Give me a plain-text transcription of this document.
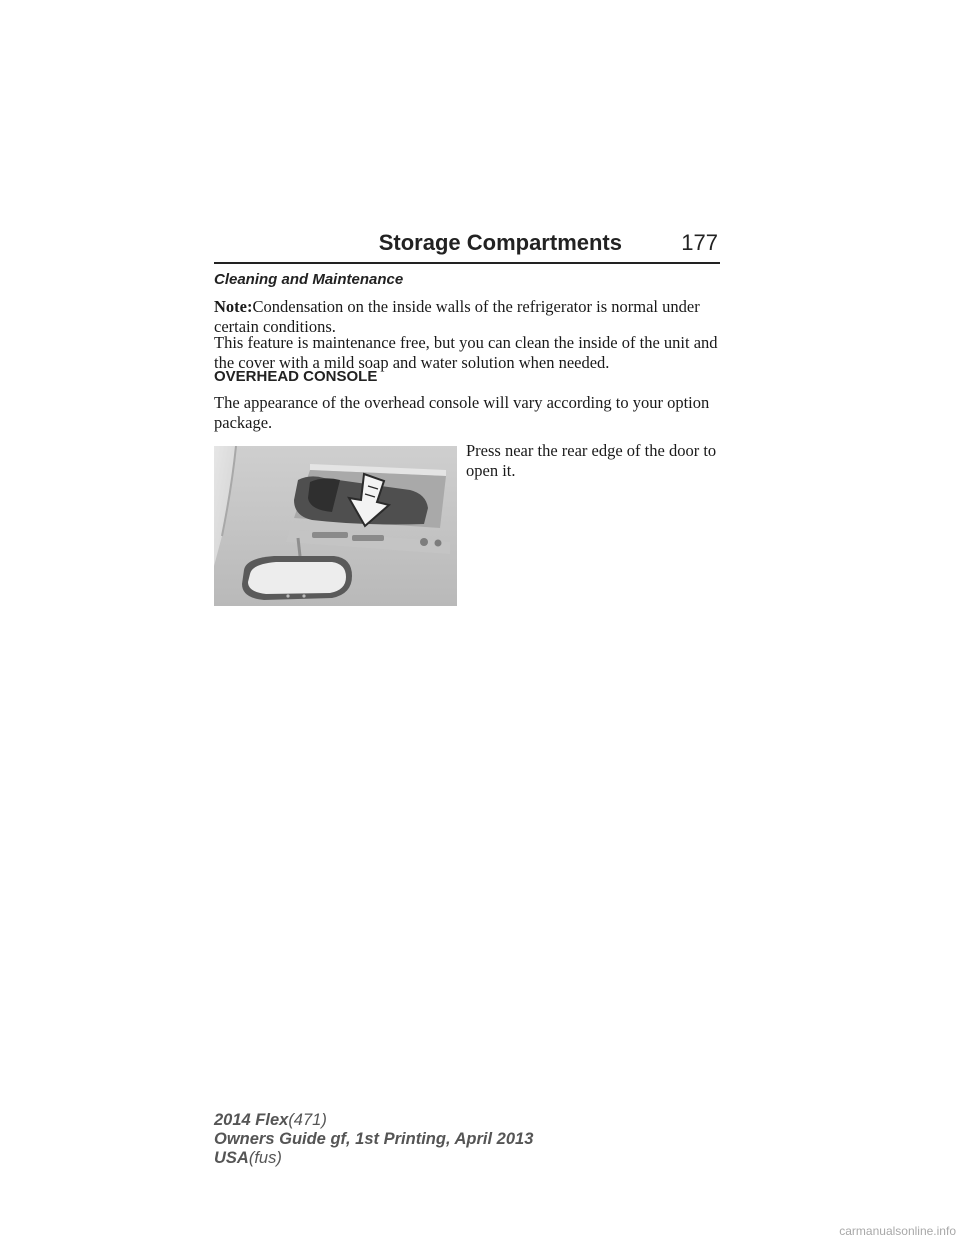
Storage Compartments	177
Cleaning and Maintenance

Note:Condensation on the inside walls of the refrigerator is normal under certain conditions.

This feature is maintenance free, but you can clean the inside of the unit and the cover with a mild soap and water solution when needed.

OVERHEAD CONSOLE

The appearance of the overhead console will vary according to your option package.

Press near the rear edge of the door to open it.

2014 Flex(471)
Owners Guide gf, 1st Printing, April 2013
USA(fus)
carmanualsonline.info
